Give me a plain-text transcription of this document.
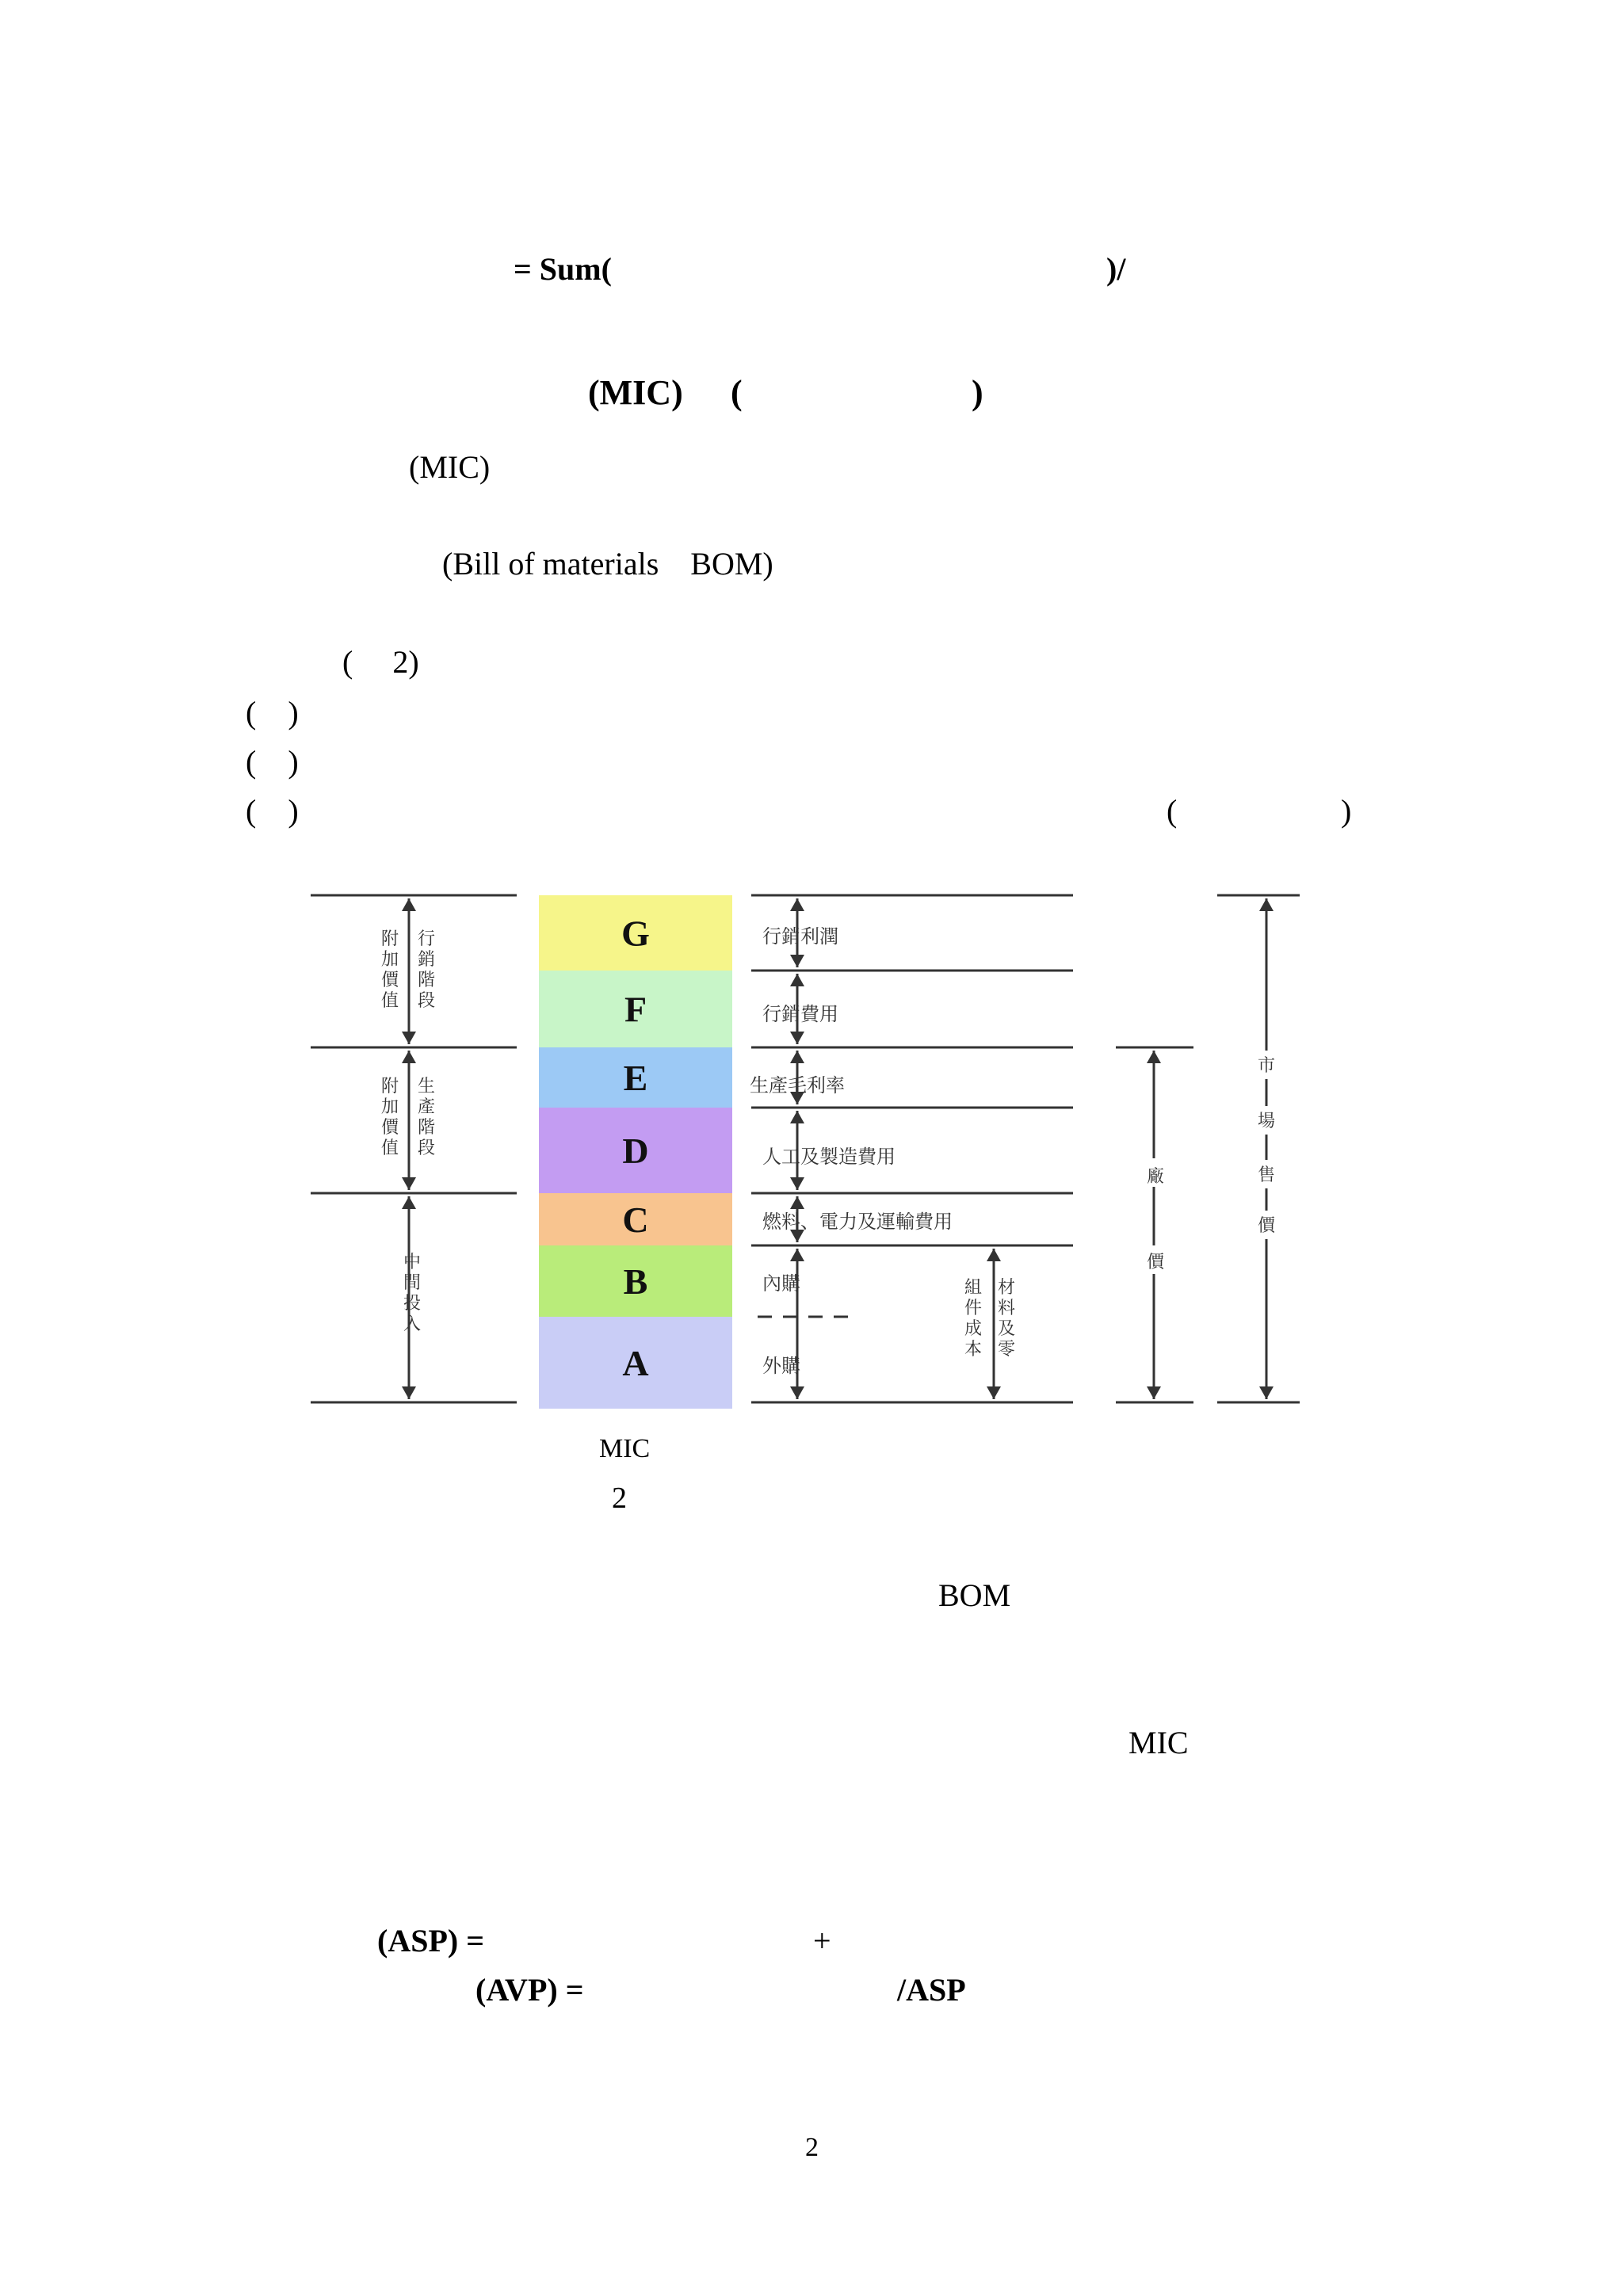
= Sum(	)/
(MIC) (	)
(MIC)
(Bill of materials    BOM)
(     2)
(    )
(    )
(    )	(	)
G
F
E
D
C
B
A
附加價值
行銷階段
附加價值
生產階段
中間投入
行銷利潤
行銷費用
生產毛利率
人工及製造費用
燃料、電力及運輸費用
內購
外購
組件成本
材料及零
廠
價
市
場
售
價
MIC
2
BOM
MIC
(ASP) =	+
(AVP) =	/ASP
2
